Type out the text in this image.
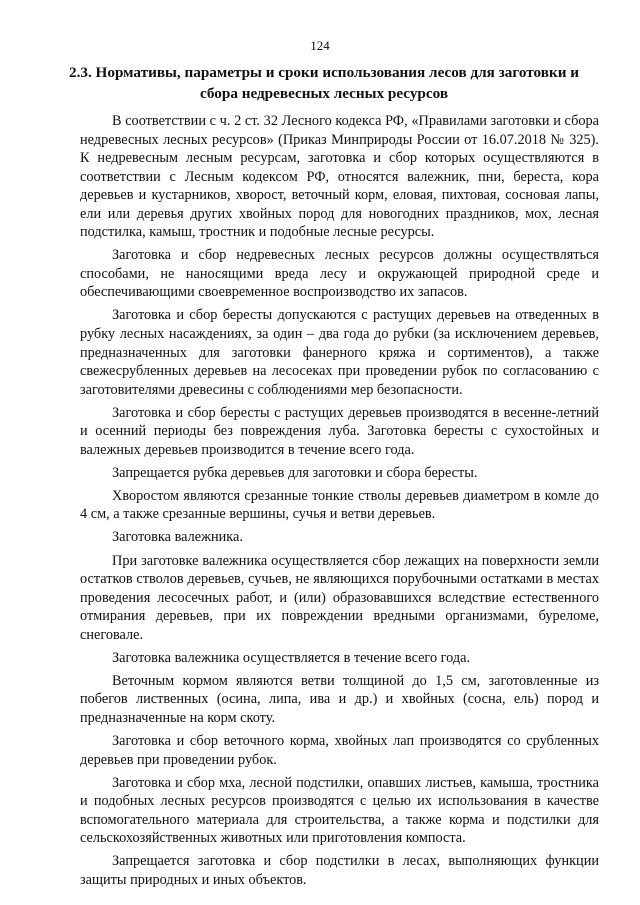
124
2.3. Нормативы, параметры и сроки использования лесов для заготовки и сбора недревесных лесных ресурсов

В соответствии с ч. 2 ст. 32 Лесного кодекса РФ, «Правилами заготовки и сбора недревесных лесных ресурсов» (Приказ Минприроды России от 16.07.2018 № 325). К недревесным лесным ресурсам, заготовка и сбор которых осуществляются в соответствии с Лесным кодексом РФ, относятся валежник, пни, береста, кора деревьев и кустарников, хворост, веточный корм, еловая, пихтовая, сосновая лапы, ели или деревья других хвойных пород для новогодних праздников, мох, лесная подстилка, камыш, тростник и подобные лесные ресурсы.

Заготовка и сбор недревесных лесных ресурсов должны осуществляться способами, не наносящими вреда лесу и окружающей природной среде и обеспечивающими своевременное воспроизводство их запасов.

Заготовка и сбор бересты допускаются с растущих деревьев на отведенных в рубку лесных насаждениях, за один – два года до рубки (за исключением деревьев, предназначенных для заготовки фанерного кряжа и сортиментов), а также свежесрубленных деревьев на лесосеках при проведении рубок по согласованию с заготовителями древесины с соблюдениями мер безопасности.

Заготовка и сбор бересты с растущих деревьев производятся в весенне-летний и осенний периоды без повреждения луба. Заготовка бересты с сухостойных и валежных деревьев производится в течение всего года.

Запрещается рубка деревьев для заготовки и сбора бересты.

Хворостом являются срезанные тонкие стволы деревьев диаметром в комле до 4 см, а также срезанные вершины, сучья и ветви деревьев.

Заготовка валежника.

При заготовке валежника осуществляется сбор лежащих на поверхности земли остатков стволов деревьев, сучьев, не являющихся порубочными остатками в местах проведения лесосечных работ, и (или) образовавшихся вследствие естественного отмирания деревьев, при их повреждении вредными организмами, буреломе, снеговале.

Заготовка валежника осуществляется в течение всего года.

Веточным кормом являются ветви толщиной до 1,5 см, заготовленные из побегов лиственных (осина, липа, ива и др.) и хвойных (сосна, ель) пород и предназначенные на корм скоту.

Заготовка и сбор веточного корма, хвойных лап производятся со срубленных деревьев при проведении рубок.

Заготовка и сбор мха, лесной подстилки, опавших листьев, камыша, тростника и подобных лесных ресурсов производятся с целью их использования в качестве вспомогательного материала для строительства, а также корма и подстилки для сельскохозяйственных животных или приготовления компоста.

Запрещается заготовка и сбор подстилки в лесах, выполняющих функции защиты природных и иных объектов.
